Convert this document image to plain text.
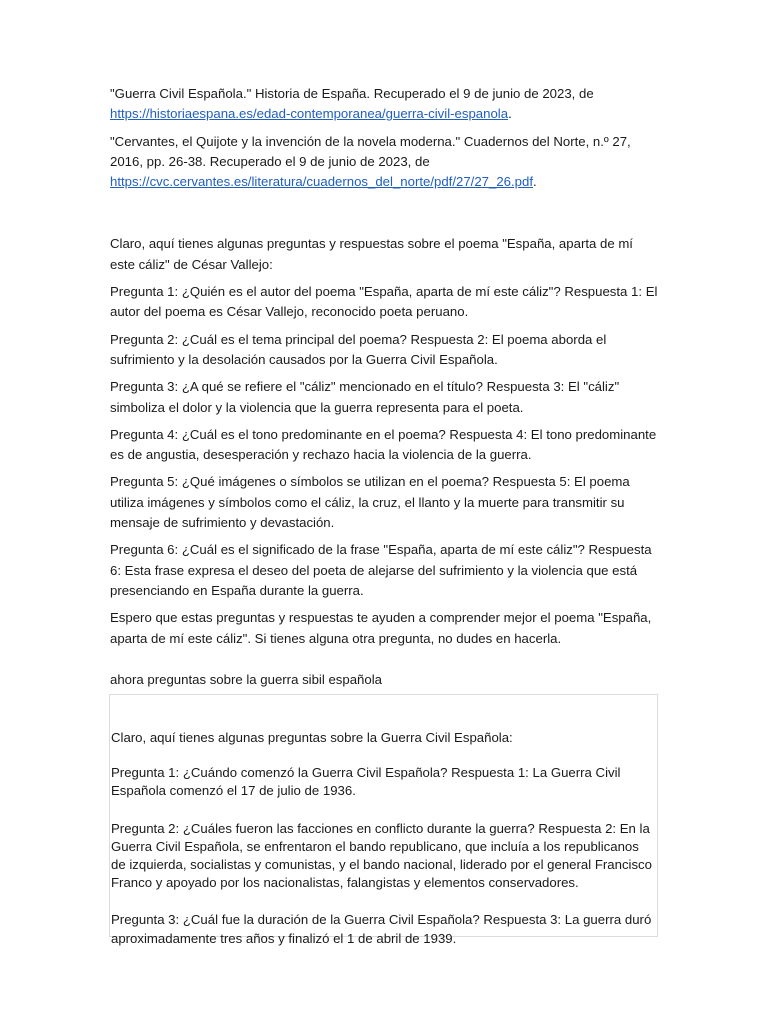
"Guerra Civil Española." Historia de España. Recuperado el 9 de junio de 2023, de https://historiaespana.es/edad-contemporanea/guerra-civil-espanola.

"Cervantes, el Quijote y la invención de la novela moderna." Cuadernos del Norte, n.º 27, 2016, pp. 26-38. Recuperado el 9 de junio de 2023, de https://cvc.cervantes.es/literatura/cuadernos_del_norte/pdf/27/27_26.pdf.

Claro, aquí tienes algunas preguntas y respuestas sobre el poema "España, aparta de mí este cáliz" de César Vallejo:

Pregunta 1: ¿Quién es el autor del poema "España, aparta de mí este cáliz"? Respuesta 1: El autor del poema es César Vallejo, reconocido poeta peruano.

Pregunta 2: ¿Cuál es el tema principal del poema? Respuesta 2: El poema aborda el sufrimiento y la desolación causados por la Guerra Civil Española.

Pregunta 3: ¿A qué se refiere el "cáliz" mencionado en el título? Respuesta 3: El "cáliz" simboliza el dolor y la violencia que la guerra representa para el poeta.

Pregunta 4: ¿Cuál es el tono predominante en el poema? Respuesta 4: El tono predominante es de angustia, desesperación y rechazo hacia la violencia de la guerra.

Pregunta 5: ¿Qué imágenes o símbolos se utilizan en el poema? Respuesta 5: El poema utiliza imágenes y símbolos como el cáliz, la cruz, el llanto y la muerte para transmitir su mensaje de sufrimiento y devastación.

Pregunta 6: ¿Cuál es el significado de la frase "España, aparta de mí este cáliz"? Respuesta 6: Esta frase expresa el deseo del poeta de alejarse del sufrimiento y la violencia que está presenciando en España durante la guerra.

Espero que estas preguntas y respuestas te ayuden a comprender mejor el poema "España, aparta de mí este cáliz". Si tienes alguna otra pregunta, no dudes en hacerla.

ahora preguntas sobre la guerra sibil española

Claro, aquí tienes algunas preguntas sobre la Guerra Civil Española:

Pregunta 1: ¿Cuándo comenzó la Guerra Civil Española? Respuesta 1: La Guerra Civil Española comenzó el 17 de julio de 1936.

Pregunta 2: ¿Cuáles fueron las facciones en conflicto durante la guerra? Respuesta 2: En la Guerra Civil Española, se enfrentaron el bando republicano, que incluía a los republicanos de izquierda, socialistas y comunistas, y el bando nacional, liderado por el general Francisco Franco y apoyado por los nacionalistas, falangistas y elementos conservadores.

Pregunta 3: ¿Cuál fue la duración de la Guerra Civil Española? Respuesta 3: La guerra duró aproximadamente tres años y finalizó el 1 de abril de 1939.
